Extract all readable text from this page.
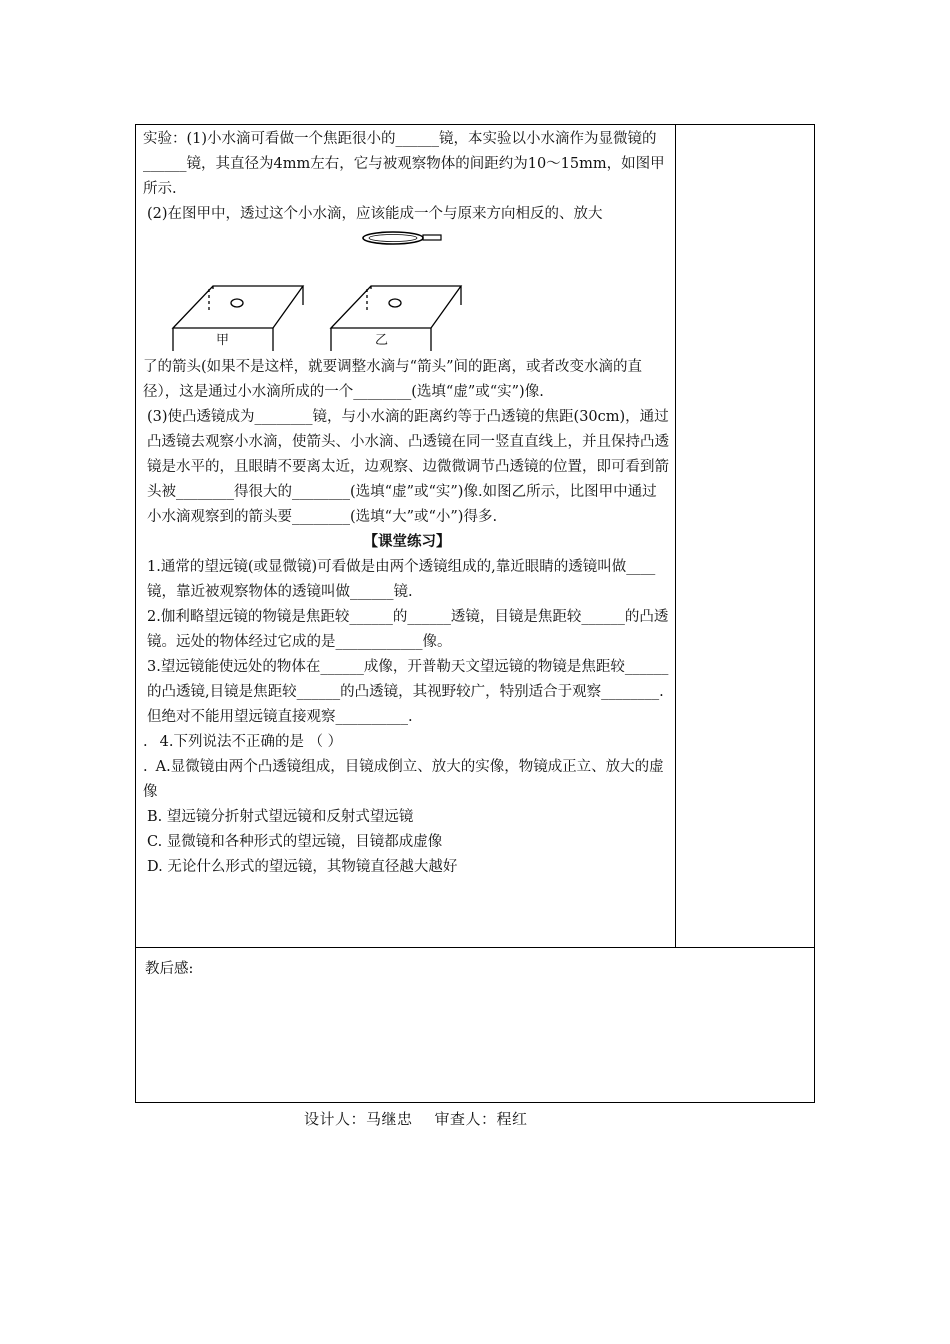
实验：(1)小水滴可看做一个焦距很小的______镜，本实验以小水滴作为显微镜的______镜，其直径为4mm左右，它与被观察物体的间距约为10～15mm，如图甲所示.

(2)在图甲中，透过这个小水滴，应该能成一个与原来方向相反的、放大

甲	乙

了的箭头(如果不是这样，就要调整水滴与“箭头”间的距离，或者改变水滴的直径），这是通过小水滴所成的一个________(选填“虚”或“实”)像.

(3)使凸透镜成为________镜，与小水滴的距离约等于凸透镜的焦距(30cm)，通过凸透镜去观察小水滴，使箭头、小水滴、凸透镜在同一竖直直线上，并且保持凸透镜是水平的，且眼睛不要离太近，边观察、边微微调节凸透镜的位置，即可看到箭头被________得很大的________(选填“虚”或“实”)像.如图乙所示，比图甲中通过小水滴观察到的箭头要________(选填“大”或“小”)得多.

【课堂练习】

1.通常的望远镜(或显微镜)可看做是由两个透镜组成的,靠近眼睛的透镜叫做____镜，靠近被观察物体的透镜叫做______镜.

2.伽利略望远镜的物镜是焦距较______的______透镜，目镜是焦距较______的凸透镜。远处的物体经过它成的是____________像。

3.望远镜能使远处的物体在______成像，开普勒天文望远镜的物镜是焦距较______的凸透镜,目镜是焦距较______的凸透镜，其视野较广，特别适合于观察________. 但绝对不能用望远镜直接观察__________.

. 4.下列说法不正确的是 （ ）

. A.显微镜由两个凸透镜组成，目镜成倒立、放大的实像，物镜成正立、放大的虚像

B. 望远镜分折射式望远镜和反射式望远镜

C. 显微镜和各种形式的望远镜，目镜都成虚像

D. 无论什么形式的望远镜，其物镜直径越大越好

教后感:
设计人：马继忠 审查人：程红
